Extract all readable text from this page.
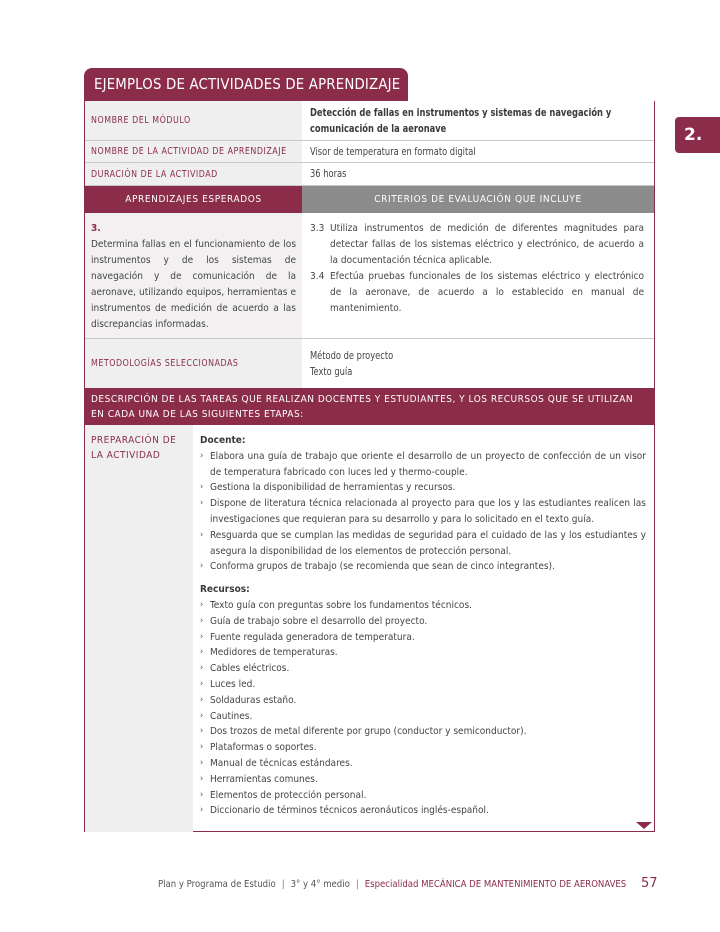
EJEMPLOS DE ACTIVIDADES DE APRENDIZAJE
2.
NOMBRE DEL MÓDULO
Detección de fallas en instrumentos y sistemas de navegación y
comunicación de la aeronave
NOMBRE DE LA ACTIVIDAD DE APRENDIZAJE Visor de temperatura en formato digital
DURACIÓN DE LA ACTIVIDAD	36 horas
APRENDIZAJES ESPERADOS	CRITERIOS DE EVALUACIÓN QUE INCLUYE
3.
Determina fallas en el funcionamiento de los instrumentos y de los sistemas de navegación y de comunicación de la aeronave, utilizando equipos, herramientas e instrumentos de medición de acuerdo a las discrepancias informadas.
3.3 Utiliza instrumentos de medición de diferentes magnitudes para detectar fallas de los sistemas eléctrico y electrónico, de acuerdo a la documentación técnica aplicable.
3.4 Efectúa pruebas funcionales de los sistemas eléctrico y electrónico de la aeronave, de acuerdo a lo establecido en manual de mantenimiento.
METODOLOGÍAS SELECCIONADAS
Método de proyecto
Texto guía
DESCRIPCIÓN DE LAS TAREAS QUE REALIZAN DOCENTES Y ESTUDIANTES, Y LOS RECURSOS QUE SE UTILIZAN EN CADA UNA DE LAS SIGUIENTES ETAPAS:
PREPARACIÓN DE LA ACTIVIDAD
Docente:
› Elabora una guía de trabajo que oriente el desarrollo de un proyecto de confección de un visor de temperatura fabricado con luces led y thermo-couple.
› Gestiona la disponibilidad de herramientas y recursos.
› Dispone de literatura técnica relacionada al proyecto para que los y las estudiantes realicen las investigaciones que requieran para su desarrollo y para lo solicitado en el texto guía.
› Resguarda que se cumplan las medidas de seguridad para el cuidado de las y los estudiantes y asegura la disponibilidad de los elementos de protección personal.
› Conforma grupos de trabajo (se recomienda que sean de cinco integrantes).
Recursos:
› Texto guía con preguntas sobre los fundamentos técnicos.
› Guía de trabajo sobre el desarrollo del proyecto.
› Fuente regulada generadora de temperatura.
› Medidores de temperaturas.
› Cables eléctricos.
› Luces led.
› Soldaduras estaño.
› Cautines.
› Dos trozos de metal diferente por grupo (conductor y semiconductor).
› Plataformas o soportes.
› Manual de técnicas estándares.
› Herramientas comunes.
› Elementos de protección personal.
› Diccionario de términos técnicos aeronáuticos inglés-español.
Plan y Programa de Estudio | 3° y 4° medio | Especialidad MECÁNICA DE MANTENIMIENTO DE AERONAVES 57
